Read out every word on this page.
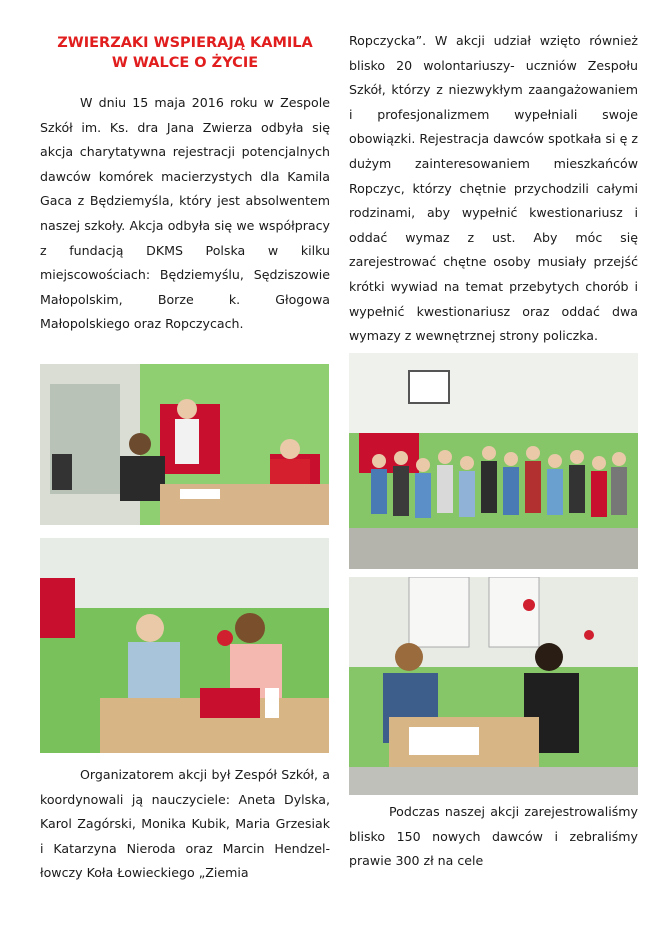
ZWIERZAKI WSPIERAJĄ KAMILA
W WALCE O ŻYCIE

W dniu 15 maja 2016 roku w Zespole Szkół im. Ks. dra Jana Zwierza odbyła się akcja charytatywna rejestracji potencjalnych dawców komórek macierzystych dla Kamila Gaca z Będziemyśla, który jest absolwentem naszej szkoły. Akcja odbyła się we współpracy z fundacją DKMS Polska w kilku miejscowościach: Będziemyślu, Sędziszowie Małopolskim, Borze k. Głogowa Małopolskiego oraz Ropczycach.

Organizatorem akcji był Zespół Szkół, a koordynowali ją nauczyciele: Aneta Dylska, Karol Zagórski, Monika Kubik, Maria Grzesiak i Katarzyna Nieroda oraz Marcin Hendzel- łowczy Koła Łowieckiego „Ziemia

Ropczycka”. W akcji udział wzięto również blisko 20 wolontariuszy- uczniów Zespołu Szkół, którzy z niezwykłym zaangażowaniem i profesjonalizmem wypełniali swoje obowiązki. Rejestracja dawców spotkała si ę z dużym zainteresowaniem mieszkańców Ropczyc, którzy chętnie przychodzili całymi rodzinami, aby wypełnić kwestionariusz i oddać wymaz z ust. Aby móc się zarejestrować chętne osoby musiały przejść krótki wywiad na temat przebytych chorób i wypełnić kwestionariusz oraz oddać dwa wymazy z wewnętrznej strony policzka.

Podczas naszej akcji zarejestrowaliśmy blisko 150 nowych dawców i zebraliśmy prawie 300 zł na cele
